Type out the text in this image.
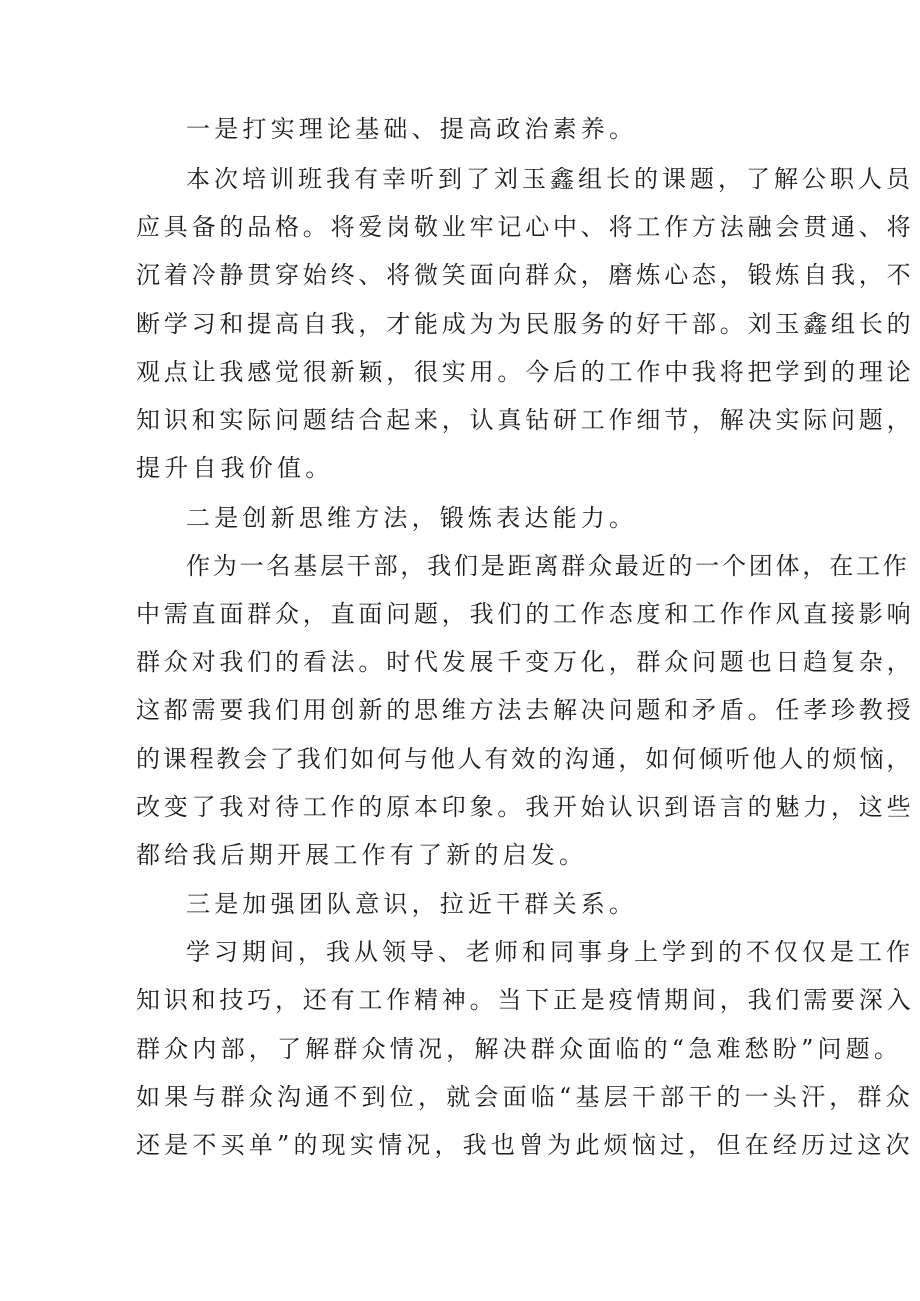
一是打实理论基础、提高政治素养。
本次培训班我有幸听到了刘玉鑫组长的课题，了解公职人员
应具备的品格。将爱岗敬业牢记心中、将工作方法融会贯通、将
沉着冷静贯穿始终、将微笑面向群众，磨炼心态，锻炼自我，不
断学习和提高自我，才能成为为民服务的好干部。刘玉鑫组长的
观点让我感觉很新颖，很实用。今后的工作中我将把学到的理论
知识和实际问题结合起来，认真钻研工作细节，解决实际问题，
提升自我价值。
二是创新思维方法，锻炼表达能力。
作为一名基层干部，我们是距离群众最近的一个团体，在工作
中需直面群众，直面问题，我们的工作态度和工作作风直接影响
群众对我们的看法。时代发展千变万化，群众问题也日趋复杂，
这都需要我们用创新的思维方法去解决问题和矛盾。任孝珍教授
的课程教会了我们如何与他人有效的沟通，如何倾听他人的烦恼，
改变了我对待工作的原本印象。我开始认识到语言的魅力，这些
都给我后期开展工作有了新的启发。
三是加强团队意识，拉近干群关系。
学习期间，我从领导、老师和同事身上学到的不仅仅是工作
知识和技巧，还有工作精神。当下正是疫情期间，我们需要深入
群众内部，了解群众情况，解决群众面临的“急难愁盼”问题。
如果与群众沟通不到位，就会面临“基层干部干的一头汗，群众
还是不买单”的现实情况，我也曾为此烦恼过，但在经历过这次
